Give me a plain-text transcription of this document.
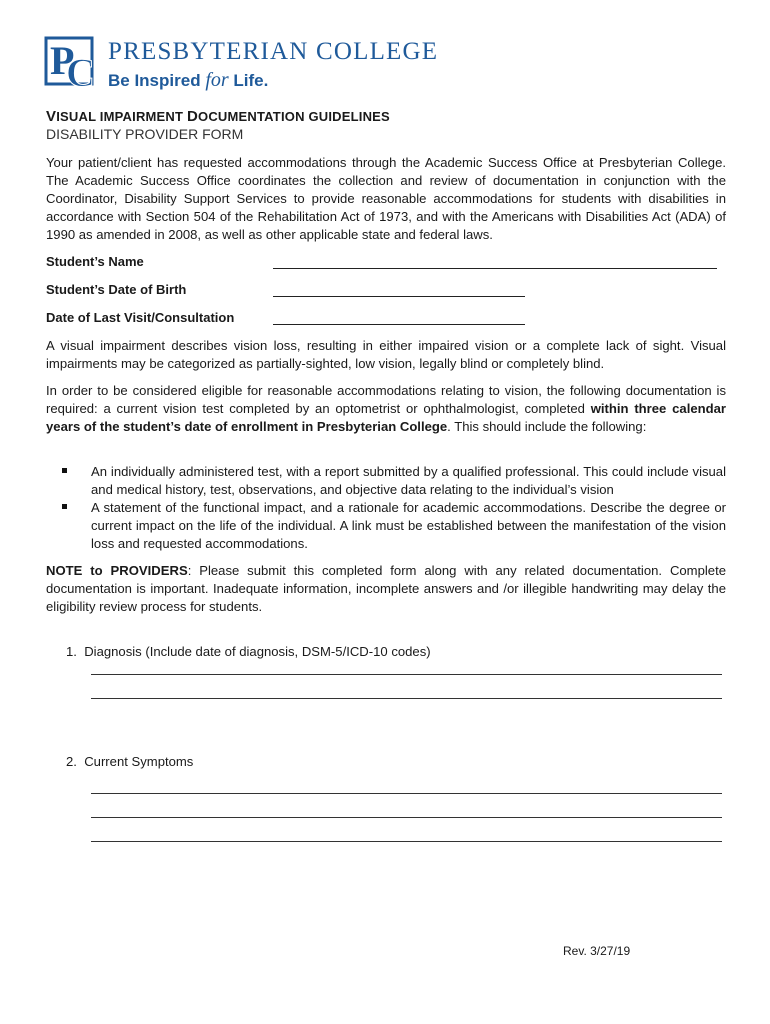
P
C PRESBYTERIAN COLLEGE
Be Inspired for Life.
VISUAL IMPAIRMENT DOCUMENTATION GUIDELINES
DISABILITY PROVIDER FORM
Your patient/client has requested accommodations through the Academic Success Office at Presbyterian College. The Academic Success Office coordinates the collection and review of documentation in conjunction with the Coordinator, Disability Support Services to provide reasonable accommodations for students with disabilities in accordance with Section 504 of the Rehabilitation Act of 1973, and with the Americans with Disabilities Act (ADA) of 1990 as amended in 2008, as well as other applicable state and federal laws.
Student’s Name
Student’s Date of Birth
Date of Last Visit/Consultation
A visual impairment describes vision loss, resulting in either impaired vision or a complete lack of sight. Visual impairments may be categorized as partially-sighted, low vision, legally blind or completely blind.
In order to be considered eligible for reasonable accommodations relating to vision, the following documentation is required: a current vision test completed by an optometrist or ophthalmologist, completed within three calendar years of the student’s date of enrollment in Presbyterian College. This should include the following:
An individually administered test, with a report submitted by a qualified professional. This could include visual and medical history, test, observations, and objective data relating to the individual’s vision
A statement of the functional impact, and a rationale for academic accommodations. Describe the degree or current impact on the life of the individual. A link must be established between the manifestation of the vision loss and requested accommodations.
NOTE to PROVIDERS: Please submit this completed form along with any related documentation. Complete documentation is important. Inadequate information, incomplete answers and /or illegible handwriting may delay the eligibility review process for students.
1. Diagnosis (Include date of diagnosis, DSM-5/ICD-10 codes)
2. Current Symptoms
Rev. 3/27/19
